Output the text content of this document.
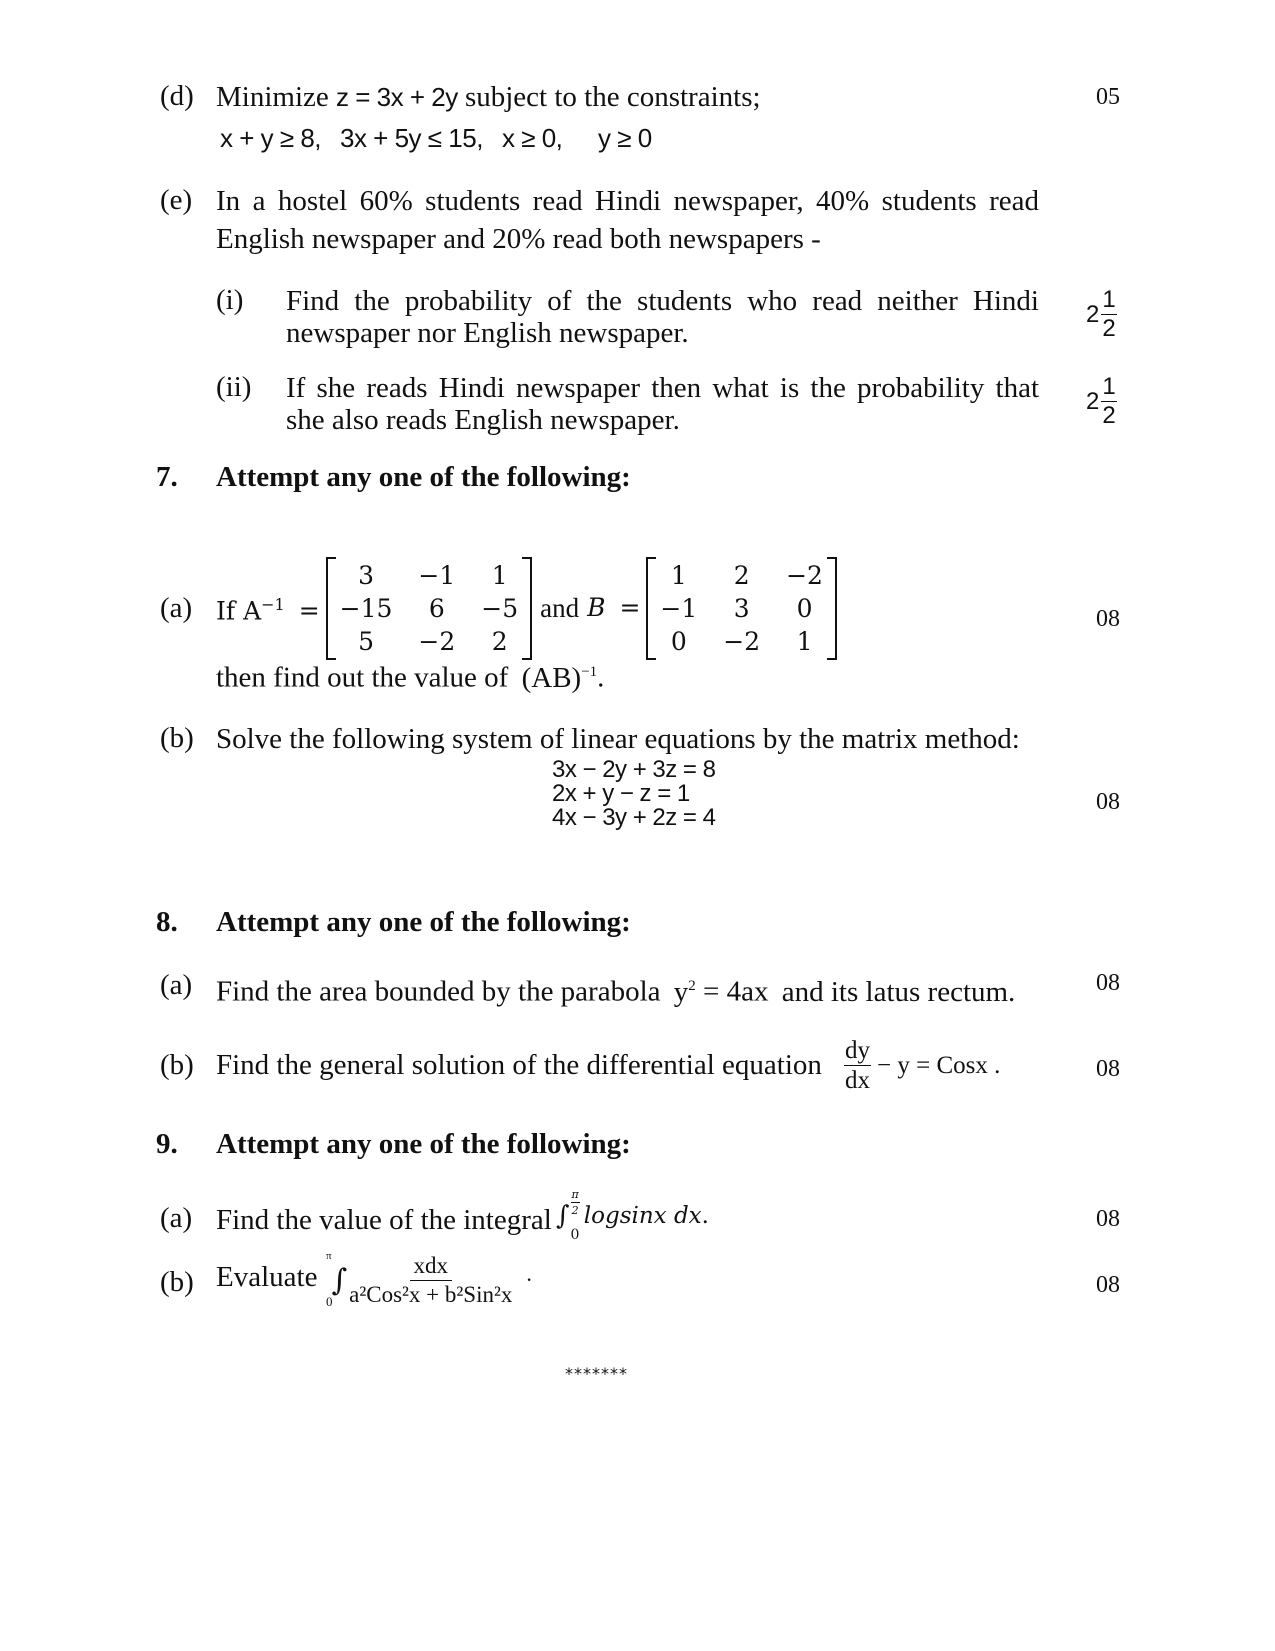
(d) Minimize z = 3x + 2y subject to the constraints;	05
x + y ≥ 8, 3x + 5y ≤ 15, x ≥ 0, y ≥ 0
(e) In a hostel 60% students read Hindi newspaper, 40% students read
English newspaper and 20% read both newspapers -
(i) Find the probability of the students who read neither Hindi
newspaper nor English newspaper.
$2 \frac{1}{2}$
(ii) If she reads Hindi newspaper then what is the probability that
she also reads English newspaper.
$2 \frac{1}{2}$
7. Attempt any one of the following:
(a) If $A^{-1}$ =
3	−1	1
−15	6	−5
5	−2	2
and B =
1	2	−2
−1	3	0
0	−2	1
08
then find out the value of (AB)$^{-1}$.
(b) Solve the following system of linear equations by the matrix method:
3x − 2y + 3z = 8
2x + y − z = 1
4x − 3y + 2z = 4
08
8. Attempt any one of the following:
(a) Find the area bounded by the parabola $y^2 = 4ax$ and its latus rectum.	08
(b) Find the general solution of the differential equation $\frac{dy}{dx} - y$ = Cosx .	08
9. Attempt any one of the following:
(a) Find the value of the integral ∫ $\frac{\pi}{2}$
0
logsinx dx .	08
(b) Evaluate
π
0
∫ $\frac{\text{xdx}}{\text{a²Cos²x + b²Sin²x}}$ .	08
*******
